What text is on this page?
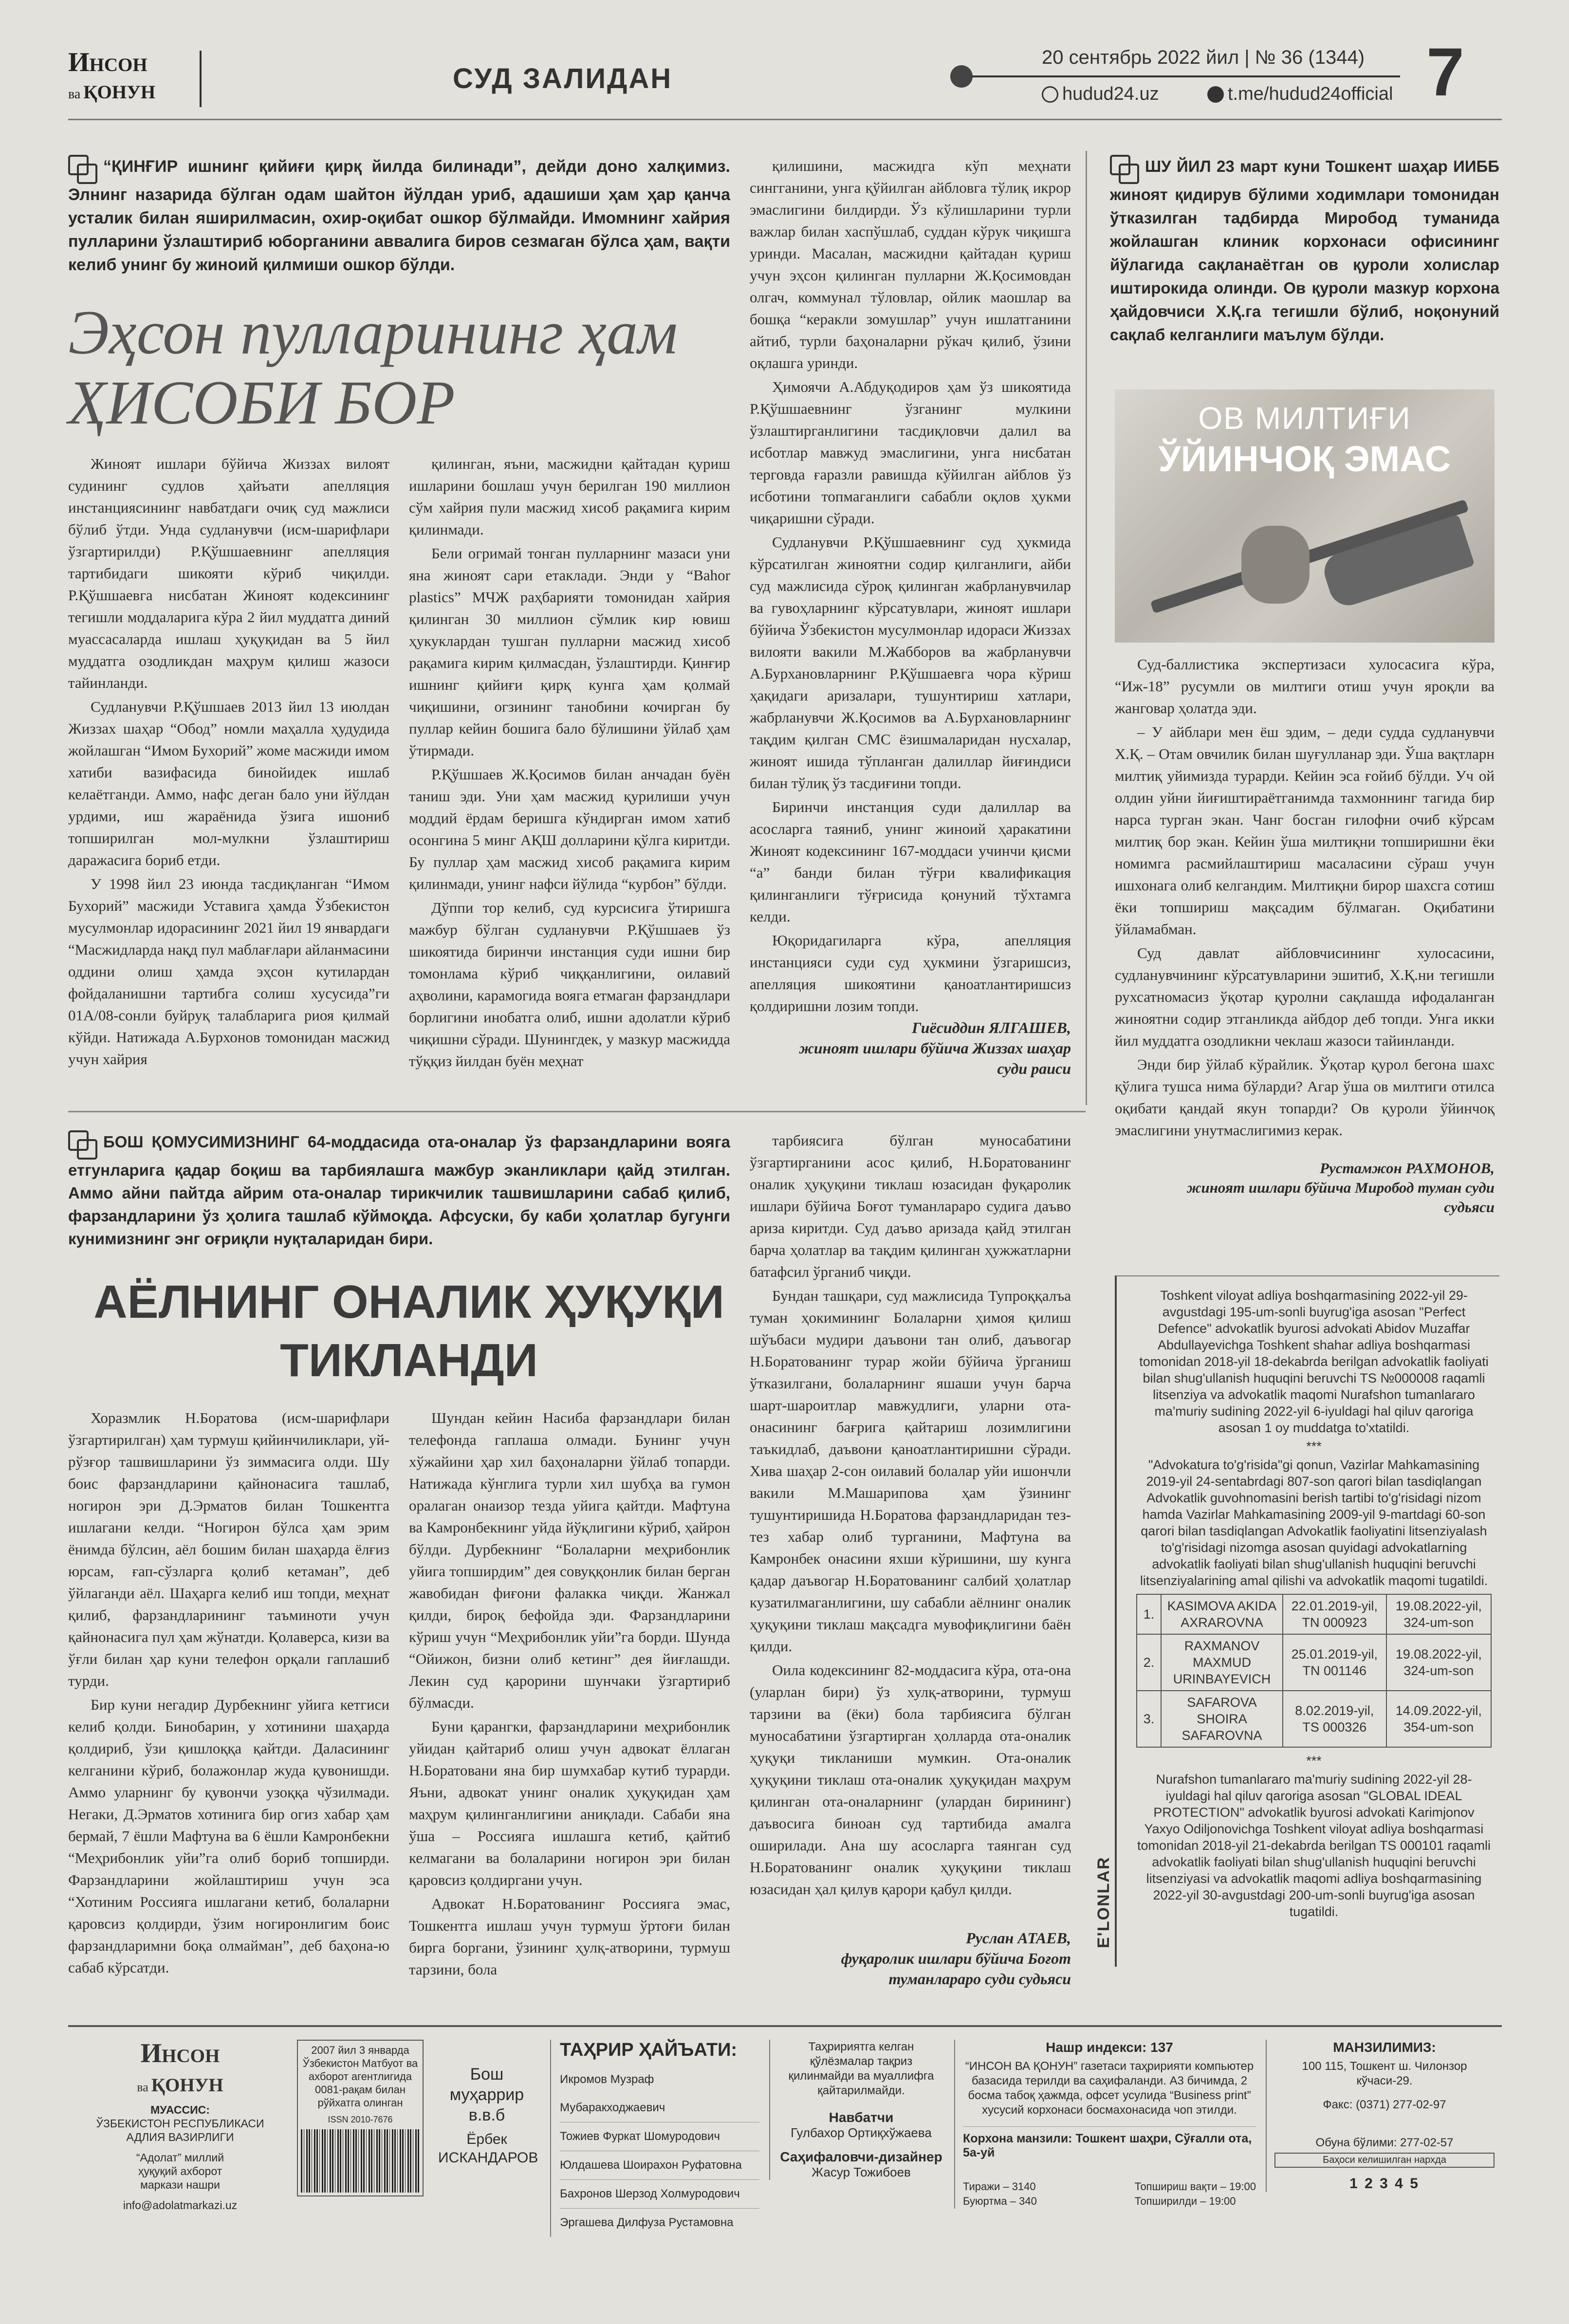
Инсон
ва қонун	СУД ЗАЛИДАН
20 сентябрь 2022 йил | № 36 (1344)
hudud24.uz	t.me/hudud24official 7
“ҚИНҒИР ишнинг қийиғи қирқ йилда билинади”, дейди доно халқимиз. Элнинг назарида бўлган одам шайтон йўлдан уриб, адашиши ҳам ҳар қанча усталик билан яширилмасин, охир-оқибат ошкор бўлмайди. Имомнинг хайрия пулларини ўзлаштириб юборганини аввалига биров сезмаган бўлса ҳам, вақти келиб унинг бу жиноий қилмиши ошкор бўлди.
Эҳсон пулларининг ҳам
ҲИСОБИ БОР

Жиноят ишлари бўйича Жиззах вилоят судининг судлов ҳайъати апелляция инстанциясининг навбатдаги очиқ суд мажлиси бўлиб ўтди. Унда судланувчи (исм-шарифлари ўзгартирилди) Р.Қўшшаевнинг апелляция тартибидаги шикояти кўриб чиқилди. Р.Қўшшаевга нисбатан Жиноят кодексининг тегишли моддаларига кўра 2 йил муддатга диний муассасаларда ишлаш ҳуқуқидан ва 5 йил муддатга озодликдан маҳрум қилиш жазоси тайинланди.

Судланувчи Р.Қўшшаев 2013 йил 13 июлдан Жиззах шаҳар “Обод” номли маҳалла ҳудудида жойлашган “Имом Бухорий” жоме масжиди имом хатиби вазифасида бинойидек ишлаб келаётганди. Аммо, нафс деган бало уни йўлдан урдими, иш жараёнида ўзига ишониб топширилган мол-мулкни ўзлаштириш даражасига бориб етди.

У 1998 йил 23 июнда тасдиқланган “Имом Бухорий” масжиди Уставига ҳамда Ўзбекистон мусулмонлар идорасининг 2021 йил 19 январдаги “Масжидларда нақд пул маблағлари айланмасини оддини олиш ҳамда эҳсон кутилардан фойдаланишни тартибга солиш хусусида”ги 01А/08-сонли буйруқ талабларига риоя қилмай кўйди. Натижада А.Бурхонов томонидан масжид учун хайрия

қилинган, яъни, масжидни қайтадан қуриш ишларини бошлаш учун берилган 190 миллион сўм хайрия пули масжид хисоб рақамига кирим қилинмади.

Бели огримай тонган пулларнинг мазаси уни яна жиноят сари етаклади. Энди у “Bahor plastics” МЧЖ раҳбарияти томонидан хайрия қилинган 30 миллион сўмлик кир ювиш ҳукуклардан тушган пулларни масжид хисоб рақамига кирим қилмасдан, ўзлаштирди. Қинғир ишнинг қийиғи қирқ кунга ҳам қолмай чиқишини, огзининг танобини кочирган бу пуллар кейин бошига бало бўлишини ўйлаб ҳам ўтирмади.

Р.Қўшшаев Ж.Қосимов билан анчадан буён таниш эди. Уни ҳам масжид қурилиши учун моддий ёрдам беришга кўндирган имом хатиб осонгина 5 минг АҚШ долларини қўлга киритди. Бу пуллар ҳам масжид хисоб рақамига кирим қилинмади, унинг нафси йўлида “курбон” бўлди.

Дўппи тор келиб, суд курсисига ўтиришга мажбур бўлган судланувчи Р.Қўшшаев ўз шикоятида биринчи инстанция суди ишни бир томонлама кўриб чиққанлигини, оилавий аҳволини, карамогида вояга етмаган фарзандлари борлигини инобатга олиб, ишни адолатли кўриб чиқишни сўради. Шунингдек, у мазкур масжидда тўққиз йилдан буён меҳнат

қилишини, масжидга кўп меҳнати сингганини, унга қўйилган айбловга тўлиқ икрор эмаслигини билдирди. Ўз кўлишларини турли важлар билан хаспўшлаб, суддан кўрук чиқишга уринди. Масалан, масжидни қайтадан қуриш учун эҳсон қилинган пулларни Ж.Қосимовдан олгач, коммунал тўловлар, ойлик маошлар ва бошқа “керакли зомушлар” учун ишлатганини айтиб, турли баҳоналарни рўкач қилиб, ўзини оқлашга уринди.

Ҳимоячи А.Абдуқодиров ҳам ўз шикоятида Р.Қўшшаевнинг ўзганинг мулкини ўзлаштирганлигини тасдиқловчи далил ва исботлар мавжуд эмаслигини, унга нисбатан терговда ғаразли равишда кўйилган айблов ўз исботини топмаганлиги сабабли оқлов ҳукми чиқаришни сўради.

Судланувчи Р.Қўшшаевнинг суд ҳукмида кўрсатилган жиноятни содир қилганлиги, айби суд мажлисида сўроқ қилинган жабрланувчилар ва гувоҳларнинг кўрсатувлари, жиноят ишлари бўйича Ўзбекистон мусулмонлар идораси Жиззах вилояти вакили М.Жабборов ва жабрланувчи А.Бурхановларнинг Р.Қўшшаевга чора кўриш ҳақидаги аризалари, тушунтириш хатлари, жабрланувчи Ж.Қосимов ва А.Бурхановларнинг тақдим қилган СМС ёзишмаларидан нусхалар, жиноят ишида тўпланган далиллар йиғиндиси билан тўлиқ ўз тасдиғини топди.

Биринчи инстанция суди далиллар ва асосларга таяниб, унинг жиноий ҳаракатини Жиноят кодексининг 167-моддаси учинчи қисми “а” банди билан тўғри квалификация қилинганлиги тўғрисида қонуний тўхтамга келди.

Юқоридагиларга кўра, апелляция инстанцияси суди суд ҳукмини ўзгаришсиз, апелляция шикоятини қаноатлантиришсиз қолдиришни лозим топди.

Гиёсиддин ЯЛГАШЕВ,
жиноят ишлари бўйича Жиззах шаҳар
суди раиси
ШУ ЙИЛ 23 март куни Тошкент шаҳар ИИББ жиноят қидирув бўлими ходимлари томонидан ўтказилган тадбирда Миробод туманида жойлашган клиник корхонаси офисининг йўлагида сақланаётган ов қуроли холислар иштирокида олинди. Ов қуроли мазкур корхона ҳайдовчиси Х.Қ.га тегишли бўлиб, ноқонуний сақлаб келганлиги маълум бўлди.
ОВ МИЛТИҒИ
ЎЙИНЧОҚ ЭМАС

Суд-баллистика экспертизаси хулосасига кўра, “Иж-18” русумли ов милтиги отиш учун яроқли ва жанговар ҳолатда эди.

– У айблари мен ёш эдим, – деди судда судланувчи Х.Қ. – Отам овчилик билан шуғулланар эди. Ўша вақтларн милтиқ уйимизда турарди. Кейин эса ғойиб бўлди. Уч ой олдин уйни йиғиштираётганимда тахмоннинг тагида бир нарса турган экан. Чанг босган гилофни очиб кўрсам милтиқ бор экан. Кейин ўша милтиқни топширишни ёки номимга расмийлаштириш масаласини сўраш учун ишхонага олиб келгандим. Милтиқни бирор шахсга сотиш ёки топшириш мақсадим бўлмаган. Оқибатини ўйламабман.

Суд давлат айбловчисининг хулосасини, судланувчининг кўрсатувларини эшитиб, Х.Қ.ни тегишли рухсатномасиз ўқотар қуролни сақлашда ифодаланган жиноятни содир этганликда айбдор деб топди. Унга икки йил муддатга озодликни чеклаш жазоси тайинланди.

Энди бир ўйлаб кўрайлик. Ўқотар қурол бегона шахс қўлига тушса нима бўларди? Агар ўша ов милтиги отилса оқибати қандай якун топарди? Ов қуроли ўйинчоқ эмаслигини унутмаслигимиз керак.

Рустамжон РАХМОНОВ,
жиноят ишлари бўйича Миробод туман суди
судьяси
БОШ ҚОМУСИМИЗНИНГ 64-моддасида ота-оналар ўз фарзандларини вояга етгунларига қадар боқиш ва тарбиялашга мажбур эканликлари қайд этилган. Аммо айни пайтда айрим ота-оналар тирикчилик ташвишларини сабаб қилиб, фарзандларини ўз ҳолига ташлаб кўймоқда. Афсуски, бу каби ҳолатлар бугунги кунимизнинг энг оғриқли нуқталаридан бири.
АЁЛНИНГ ОНАЛИК ҲУҚУҚИ
ТИКЛАНДИ

Хоразмлик Н.Боратова (исм-шарифлари ўзгартирилган) ҳам турмуш қийинчиликлари, уй-рўзғор ташвишларини ўз зиммасига олди. Шу боис фарзандларини қайнонасига ташлаб, ногирон эри Д.Эрматов билан Тошкентга ишлагани келди. “Ногирон бўлса ҳам эрим ёнимда бўлсин, аёл бошим билан шаҳарда ёлғиз юрсам, ғап-сўзларга қолиб кетаман”, деб ўйлаганди аёл. Шаҳарга келиб иш топди, меҳнат қилиб, фарзандларининг таъминоти учун қайнонасига пул ҳам жўнатди. Қолаверса, кизи ва ўғли билан ҳар куни телефон орқали гаплашиб турди.

Бир куни негадир Дурбекнинг уйига кетгиси келиб қолди. Бинобарин, у хотинини шаҳарда қолдириб, ўзи қишлоққа қайтди. Даласининг келганини кўриб, болажонлар жуда қувонишди. Аммо уларнинг бу қувончи узоққа чўзилмади. Негаки, Д.Эрматов хотинига бир огиз хабар ҳам бермай, 7 ёшли Мафтуна ва 6 ёшли Камронбекни “Меҳрибонлик уйи”га олиб бориб топширди. Фарзандларини жойлаштириш учун эса “Хотиним Россияга ишлагани кетиб, болаларни қаровсиз қолдирди, ўзим ногиронлигим боис фарзандларимни боқа олмайман”, деб баҳона-ю сабаб кўрсатди.

Шундан кейин Насиба фарзандлари билан телефонда гаплаша олмади. Бунинг учун хўжайини ҳар хил баҳоналарни ўйлаб топарди. Натижада кўнглига турли хил шубҳа ва гумон оралаган онаизор тезда уйига қайтди. Мафтуна ва Камронбекнинг уйда йўқлигини кўриб, ҳайрон бўлди. Дурбекнинг “Болаларни меҳрибонлик уйига топширдим” дея совуққонлик билан берган жавобидан фиғони фалакка чиқди. Жанжал қилди, бироқ бефойда эди. Фарзандларини кўриш учун “Меҳрибонлик уйи”га борди. Шунда “Ойижон, бизни олиб кетинг” дея йиғлашди. Лекин суд қарорини шунчаки ўзгартириб бўлмасди.

Буни қарангки, фарзандларини меҳрибонлик уйидан қайтариб олиш учун адвокат ёллаган Н.Боратовани яна бир шумхабар кутиб турарди. Яъни, адвокат унинг оналик ҳуқуқидан ҳам маҳрум қилинганлигини аниқлади. Сабаби яна ўша – Россияга ишлашга кетиб, қайтиб келмагани ва болаларини ногирон эри билан қаровсиз қолдиргани учун.

Адвокат Н.Боратованинг Россияга эмас, Тошкентга ишлаш учун турмуш ўртоғи билан бирга боргани, ўзининг ҳулқ-атворини, турмуш тарзини, бола

тарбиясига бўлган муносабатини ўзгартирганини асос қилиб, Н.Боратованинг оналик ҳуқуқини тиклаш юзасидан фуқаролик ишлари бўйича Боғот туманлараро судига даъво ариза киритди. Суд даъво аризада қайд этилган барча ҳолатлар ва тақдим қилинган ҳужжатларни батафсил ўрганиб чиқди.

Бундан ташқари, суд мажлисида Тупроққалъа туман ҳокимининг Болаларни ҳимоя қилиш шўъбаси мудири даъвони тан олиб, даъвогар Н.Боратованинг турар жойи бўйича ўрганиш ўтказилгани, болаларнинг яшаши учун барча шарт-шароитлар мавжудлиги, уларни ота-онасининг бағрига қайтариш лозимлигини таъкидлаб, даъвони қаноатлантиришни сўради. Хива шаҳар 2-сон оилавий болалар уйи ишончли вакили М.Машарипова ҳам ўзининг тушунтиришида Н.Боратова фарзандларидан тез-тез хабар олиб турганини, Мафтуна ва Камронбек онасини яхши кўришини, шу кунга қадар даъвогар Н.Боратованинг салбий ҳолатлар кузатилмаганлигини, шу сабабли аёлнинг оналик ҳуқуқини тиклаш мақсадга мувофиқлигини баён қилди.

Оила кодексининг 82-моддасига кўра, ота-она (уларлан бири) ўз хулқ-атворини, турмуш тарзини ва (ёки) бола тарбиясига бўлган муносабатини ўзгартирган ҳолларда ота-оналик ҳуқуқи тикланиши мумкин. Ота-оналик ҳуқуқини тиклаш ота-оналик ҳуқуқидан маҳрум қилинган ота-оналарнинг (улардан бирининг) даъвосига биноан суд тартибида амалга оширилади. Ана шу асосларга таянган суд Н.Боратованинг оналик ҳуқуқини тиклаш юзасидан ҳал қилув қарори қабул қилди.

Руслан АТАЕВ,
фуқаролик ишлари бўйича Боғот
туманлараро суди судьяси
E'LONLAR
Toshkent viloyat adliya boshqarmasining 2022-yil 29-avgustdagi 195-um-sonli buyrug'iga asosan "Perfect Defence" advokatlik byurosi advokati Abidov Muzaffar Abdullayevichga Toshkent shahar adliya boshqarmasi tomonidan 2018-yil 18-dekabrda berilgan advokatlik faoliyati bilan shug'ullanish huquqini beruvchi TS №000008 raqamli litsenziya va advokatlik maqomi Nurafshon tumanlararo ma'muriy sudining 2022-yil 6-iyuldagi hal qiluv qaroriga asosan 1 oy muddatga to'xtatildi.
***
"Advokatura to'g'risida"gi qonun, Vazirlar Mahkamasining 2019-yil 24-sentabrdagi 807-son qarori bilan tasdiqlangan Advokatlik guvohnomasini berish tartibi to'g'risidagi nizom hamda Vazirlar Mahkamasining 2009-yil 9-martdagi 60-son qarori bilan tasdiqlangan Advokatlik faoliyatini litsenziyalash to'g'risidagi nizomga asosan quyidagi advokatlarning advokatlik faoliyati bilan shug'ullanish huquqini beruvchi litsenziyalarining amal qilishi va advokatlik maqomi tugatildi.
1.	KASIMOVA AKIDA AXRAROVNA	22.01.2019-yil, TN 000923	19.08.2022-yil, 324-um-son
2.	RAXMANOV MAXMUD URINBAYEVICH	25.01.2019-yil, TN 001146	19.08.2022-yil, 324-um-son
3.	SAFAROVA SHOIRA SAFAROVNA	8.02.2019-yil, TS 000326	14.09.2022-yil, 354-um-son
***
Nurafshon tumanlararo ma'muriy sudining 2022-yil 28-iyuldagi hal qiluv qaroriga asosan "GLOBAL IDEAL PROTECTION" advokatlik byurosi advokati Karimjonov Yaxyo Odiljonovichga Toshkent viloyat adliya boshqarmasi tomonidan 2018-yil 21-dekabrda berilgan TS 000101 raqamli advokatlik faoliyati bilan shug'ullanish huquqini beruvchi litsenziyasi va advokatlik maqomi adliya boshqarmasining 2022-yil 30-avgustdagi 200-um-sonli buyrug'iga asosan tugatildi.
Инсон
ва қонун
МУАССИС:
ЎЗБЕКИСТОН РЕСПУБЛИКАСИ АДЛИЯ ВАЗИРЛИГИ
“Адолат” миллий ҳуқуқий ахборот маркази нашри
info@adolatmarkazi.uz
2007 йил 3 январда Ўзбекистон Матбуот ва ахборот агентлигида 0081-рақам билан рўйхатга олинган
ISSN 2010-7676
Бош муҳаррир в.в.б
Ёрбек ИСКАНДАРОВ
ТАҲРИР ҲАЙЪАТИ:
Икромов Музраф Мубаракходжаевич
Тожиев Фуркат Шомуродович
Юлдашева Шоирахон Руфатовна
Бахронов Шерзод Холмуродович
Эргашева Дилфуза Рустамовна
Таҳририятга келган қўлёзмалар тақриз қилинмайди ва муаллифга қайтарилмайди.
Навбатчи
Гулбахор Ортиқхўжаева
Саҳифаловчи-дизайнер
Жасур Тожибоев
Нашр индекси: 137
“ИНСОН ВА ҚОНУН” газетаси таҳририяти компьютер базасида терилди ва саҳифаланди. А3 бичимда, 2 босма табоқ ҳажмда, офсет усулида “Business print” хусусий корхонаси босмахонасида чоп этилди.
Корхона манзили: Тошкент шаҳри, Сўғалли ота, 5а-уй
Тиражи – 3140
Буюртма – 340
Топшириш вақти – 19:00
Топширилди – 19:00
МАНЗИЛИМИЗ:
100 115, Тошкент ш. Чилонзор кўчаси-29.
Факс: (0371) 277-02-97
Обуна бўлими: 277-02-57
Баҳоси келишилган нархда
1 2 3 4 5
